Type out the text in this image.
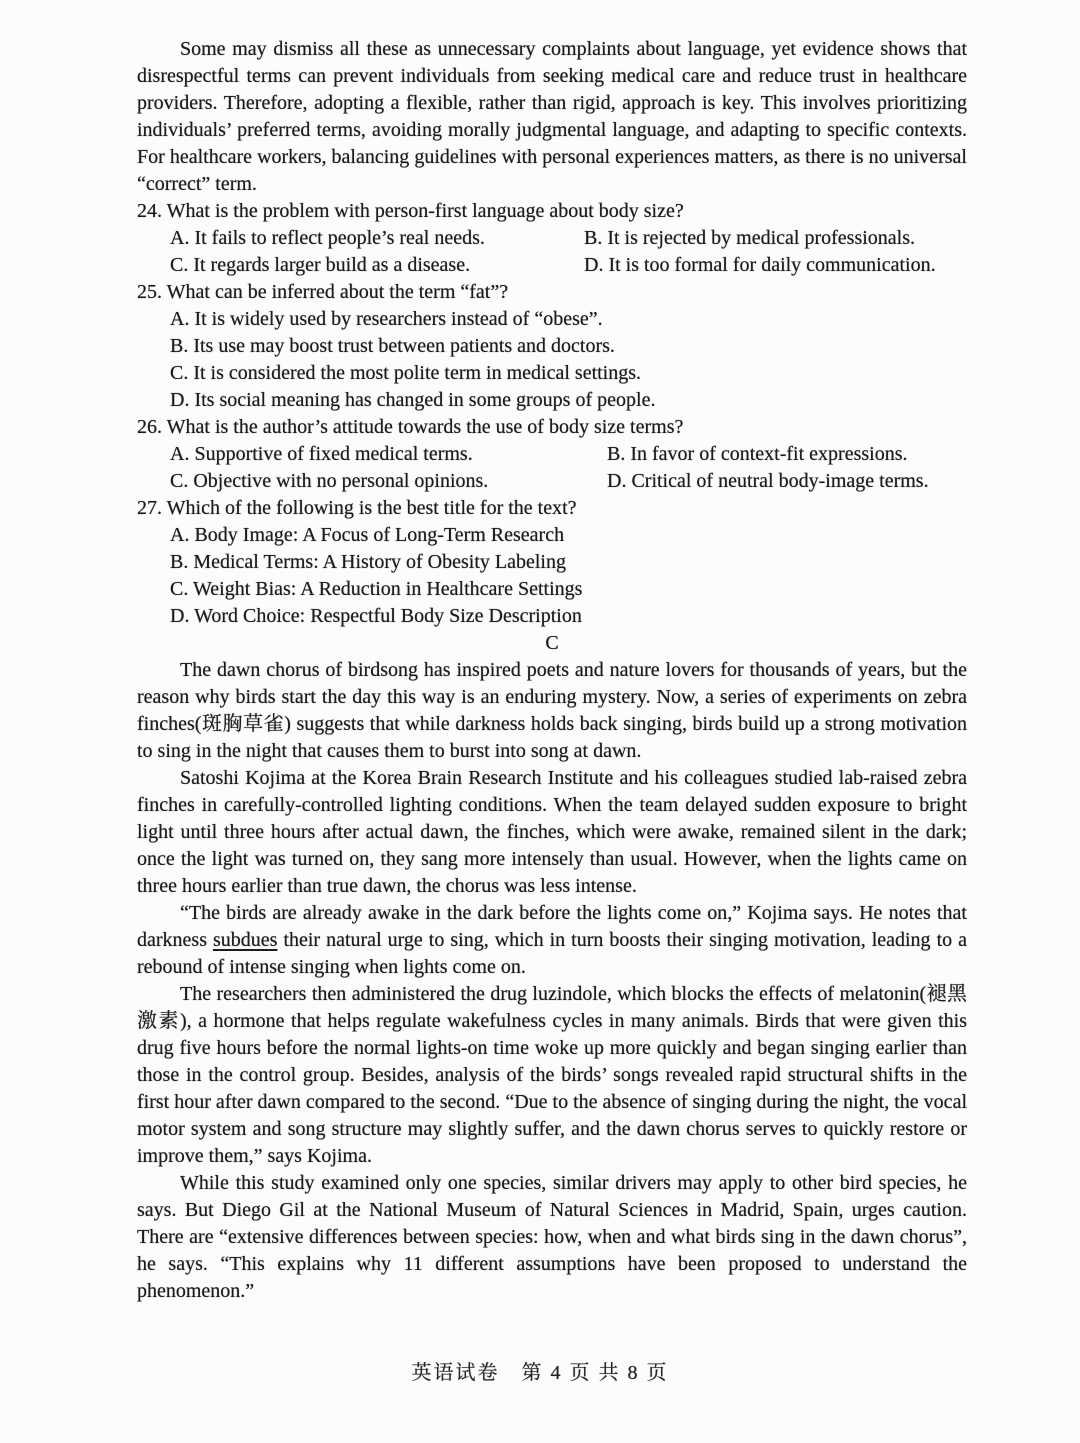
Some may dismiss all these as unnecessary complaints about language, yet evidence shows that disrespectful terms can prevent individuals from seeking medical care and reduce trust in healthcare providers. Therefore, adopting a flexible, rather than rigid, approach is key. This involves prioritizing individuals’ preferred terms, avoiding morally judgmental language, and adapting to specific contexts. For healthcare workers, balancing guidelines with personal experiences matters, as there is no universal “correct” term.

24. What is the problem with person-first language about body size?
A. It fails to reflect people’s real needs.	B. It is rejected by medical professionals.
C. It regards larger build as a disease.	D. It is too formal for daily communication.
25. What can be inferred about the term “fat”?
A. It is widely used by researchers instead of “obese”.
B. Its use may boost trust between patients and doctors.
C. It is considered the most polite term in medical settings.
D. Its social meaning has changed in some groups of people.
26. What is the author’s attitude towards the use of body size terms?
A. Supportive of fixed medical terms.	B. In favor of context-fit expressions.
C. Objective with no personal opinions.	D. Critical of neutral body-image terms.
27. Which of the following is the best title for the text?
A. Body Image: A Focus of Long-Term Research
B. Medical Terms: A History of Obesity Labeling
C. Weight Bias: A Reduction in Healthcare Settings
D. Word Choice: Respectful Body Size Description
C

The dawn chorus of birdsong has inspired poets and nature lovers for thousands of years, but the reason why birds start the day this way is an enduring mystery. Now, a series of experiments on zebra finches(斑胸草雀) suggests that while darkness holds back singing, birds build up a strong motivation to sing in the night that causes them to burst into song at dawn.

Satoshi Kojima at the Korea Brain Research Institute and his colleagues studied lab-raised zebra finches in carefully-controlled lighting conditions. When the team delayed sudden exposure to bright light until three hours after actual dawn, the finches, which were awake, remained silent in the dark; once the light was turned on, they sang more intensely than usual. However, when the lights came on three hours earlier than true dawn, the chorus was less intense.

“The birds are already awake in the dark before the lights come on,” Kojima says. He notes that darkness subdues their natural urge to sing, which in turn boosts their singing motivation, leading to a rebound of intense singing when lights come on.

The researchers then administered the drug luzindole, which blocks the effects of melatonin(褪黑激素), a hormone that helps regulate wakefulness cycles in many animals. Birds that were given this drug five hours before the normal lights-on time woke up more quickly and began singing earlier than those in the control group. Besides, analysis of the birds’ songs revealed rapid structural shifts in the first hour after dawn compared to the second. “Due to the absence of singing during the night, the vocal motor system and song structure may slightly suffer, and the dawn chorus serves to quickly restore or improve them,” says Kojima.

While this study examined only one species, similar drivers may apply to other bird species, he says. But Diego Gil at the National Museum of Natural Sciences in Madrid, Spain, urges caution. There are “extensive differences between species: how, when and what birds sing in the dawn chorus”, he says. “This explains why 11 different assumptions have been proposed to understand the phenomenon.”

英语试卷　第 4 页 共 8 页
